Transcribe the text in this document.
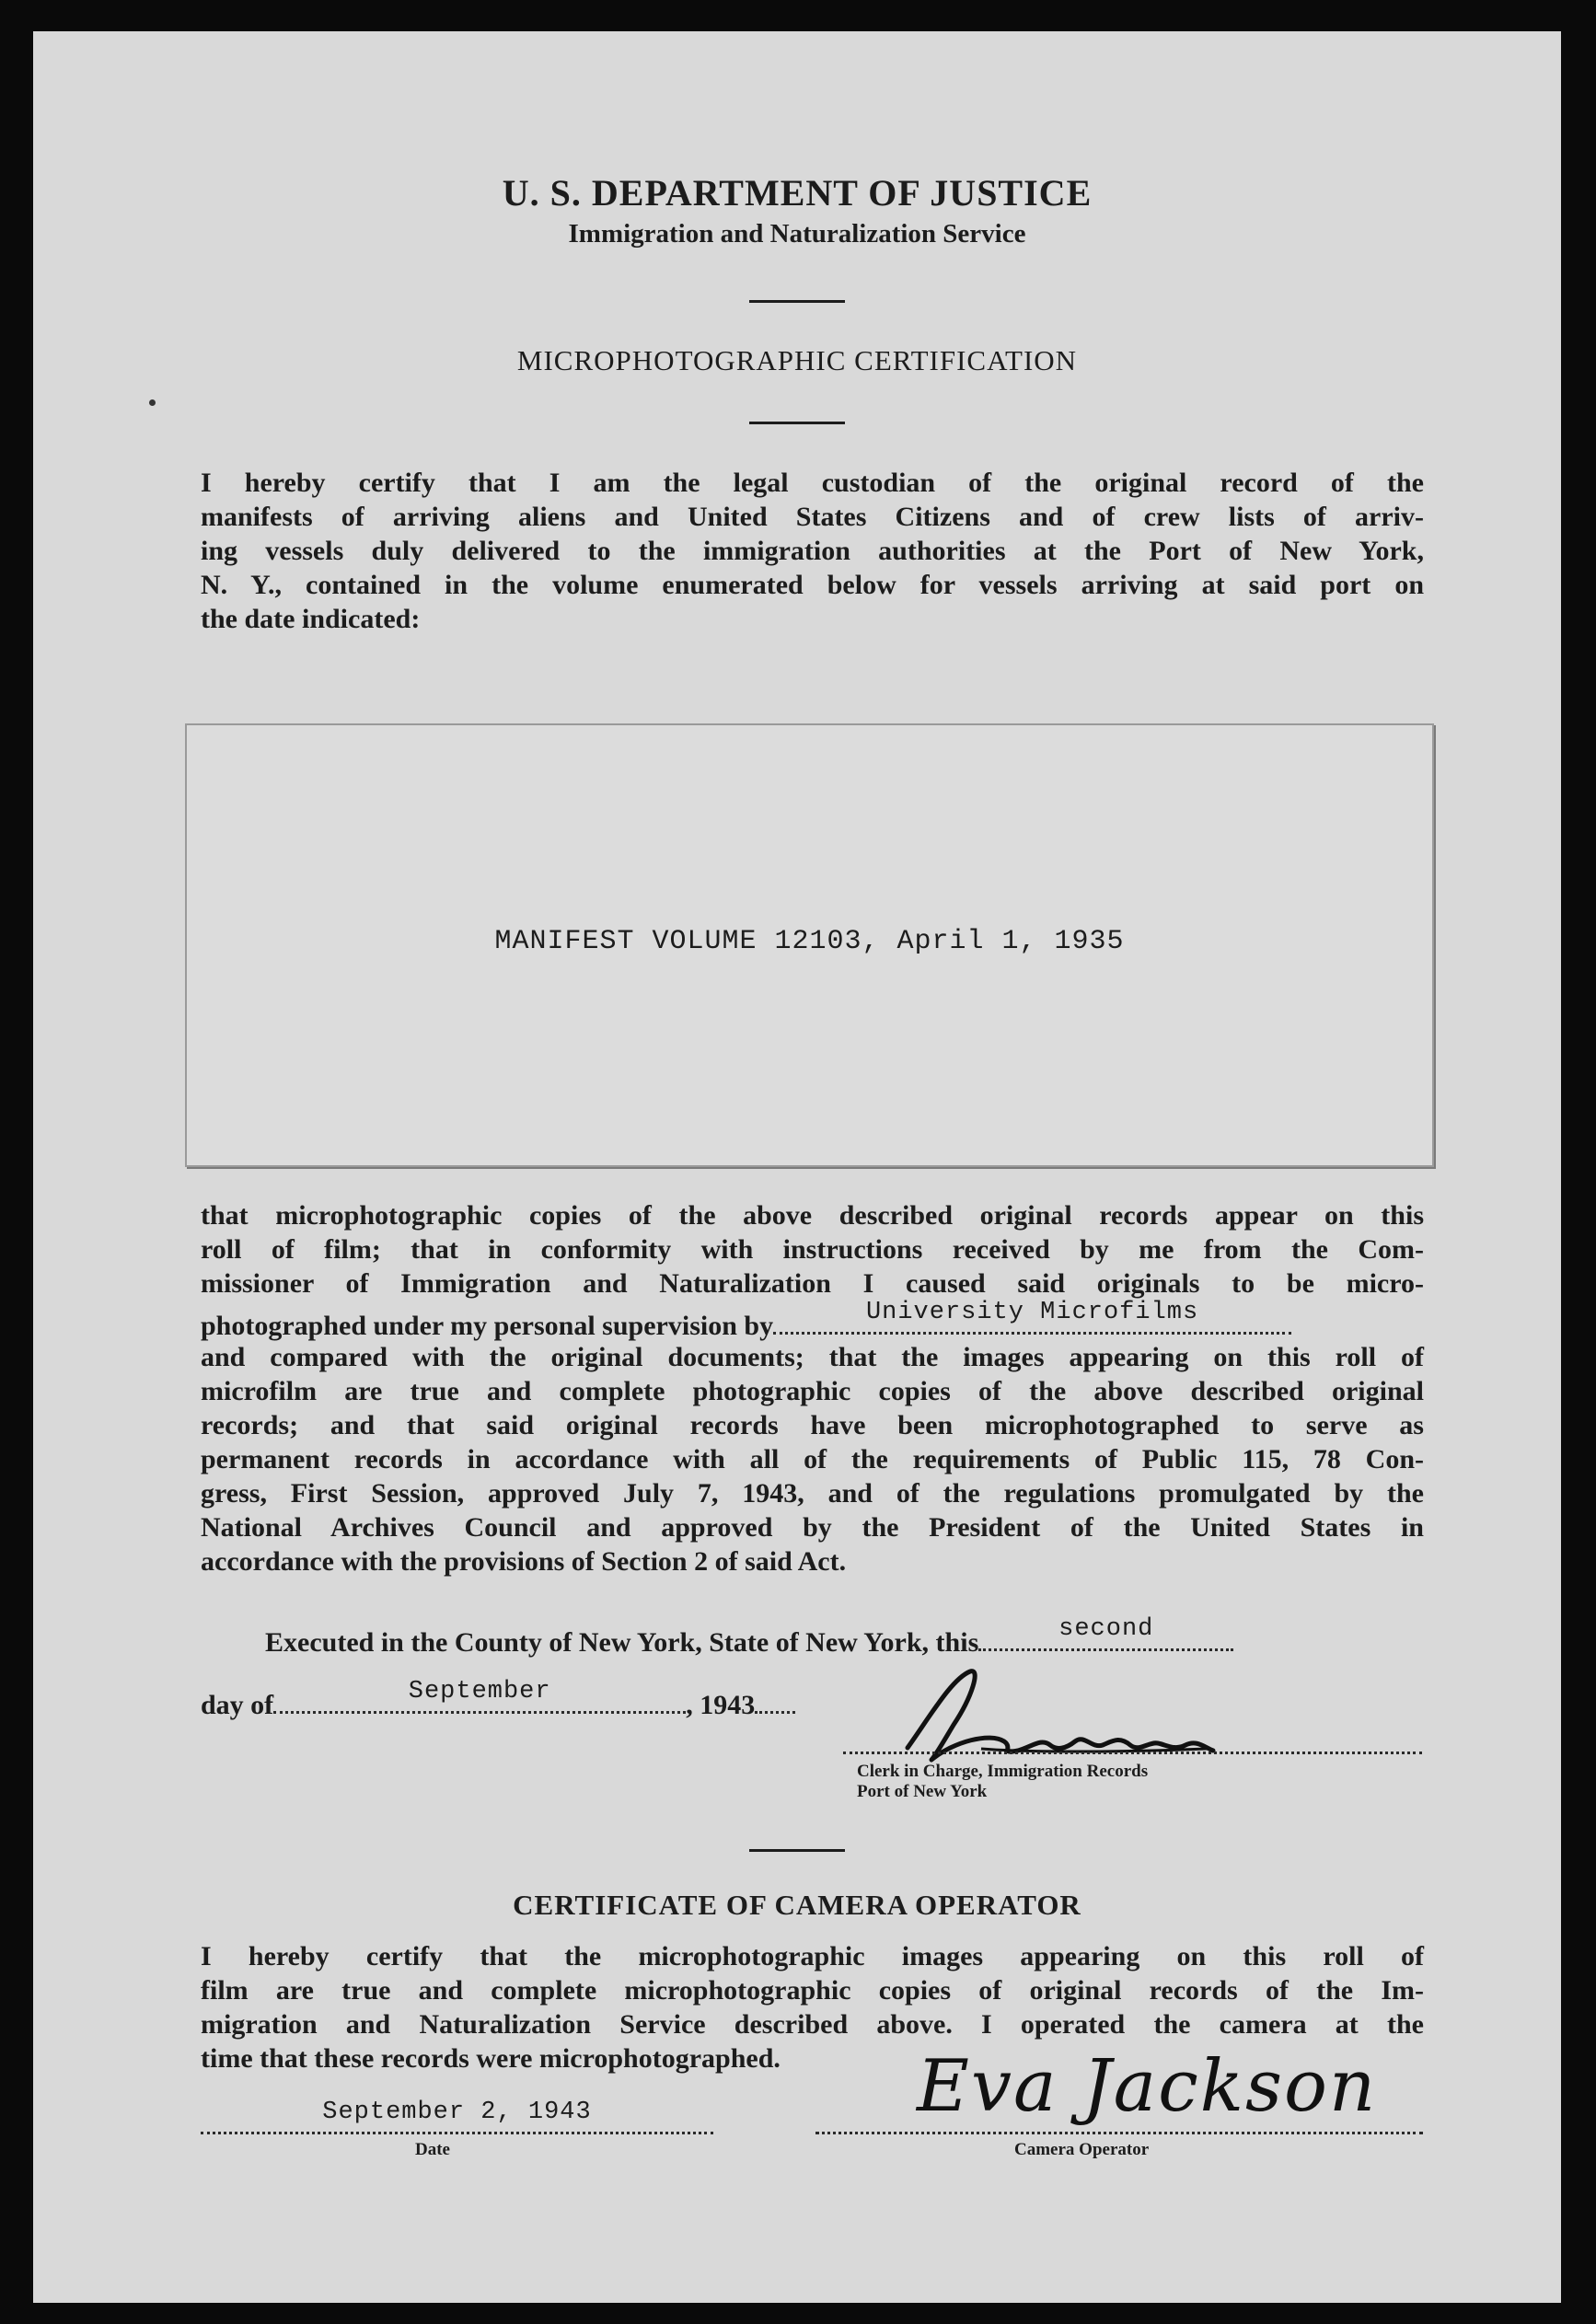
U. S. DEPARTMENT OF JUSTICE
Immigration and Naturalization Service
MICROPHOTOGRAPHIC CERTIFICATION
I hereby certify that I am the legal custodian of the original record of the
manifests of arriving aliens and United States Citizens and of crew lists of arriv-
ing vessels duly delivered to the immigration authorities at the Port of New York,
N. Y., contained in the volume enumerated below for vessels arriving at said port on
the date indicated:
MANIFEST VOLUME 12103, April 1, 1935
that microphotographic copies of the above described original records appear on this
roll of film; that in conformity with instructions received by me from the Com-
missioner of Immigration and Naturalization I caused said originals to be micro-
photographed under my personal supervision by	University Microfilms
and compared with the original documents; that the images appearing on this roll of
microfilm are true and complete photographic copies of the above described original
records; and that said original records have been microphotographed to serve as
permanent records in accordance with all of the requirements of Public 115, 78 Con-
gress, First Session, approved July 7, 1943, and of the regulations promulgated by the
National Archives Council and approved by the President of the United States in
accordance with the provisions of Section 2 of said Act.
Executed in the County of New York, State of New York, this	second
day of	September	, 1943
Clerk in Charge, Immigration Records
Port of New York
CERTIFICATE OF CAMERA OPERATOR
I hereby certify that the microphotographic images appearing on this roll of
film are true and complete microphotographic copies of original records of the Im-
migration and Naturalization Service described above. I operated the camera at the
time that these records were microphotographed.
September 2, 1943
Date
Eva Jackson
Camera Operator
